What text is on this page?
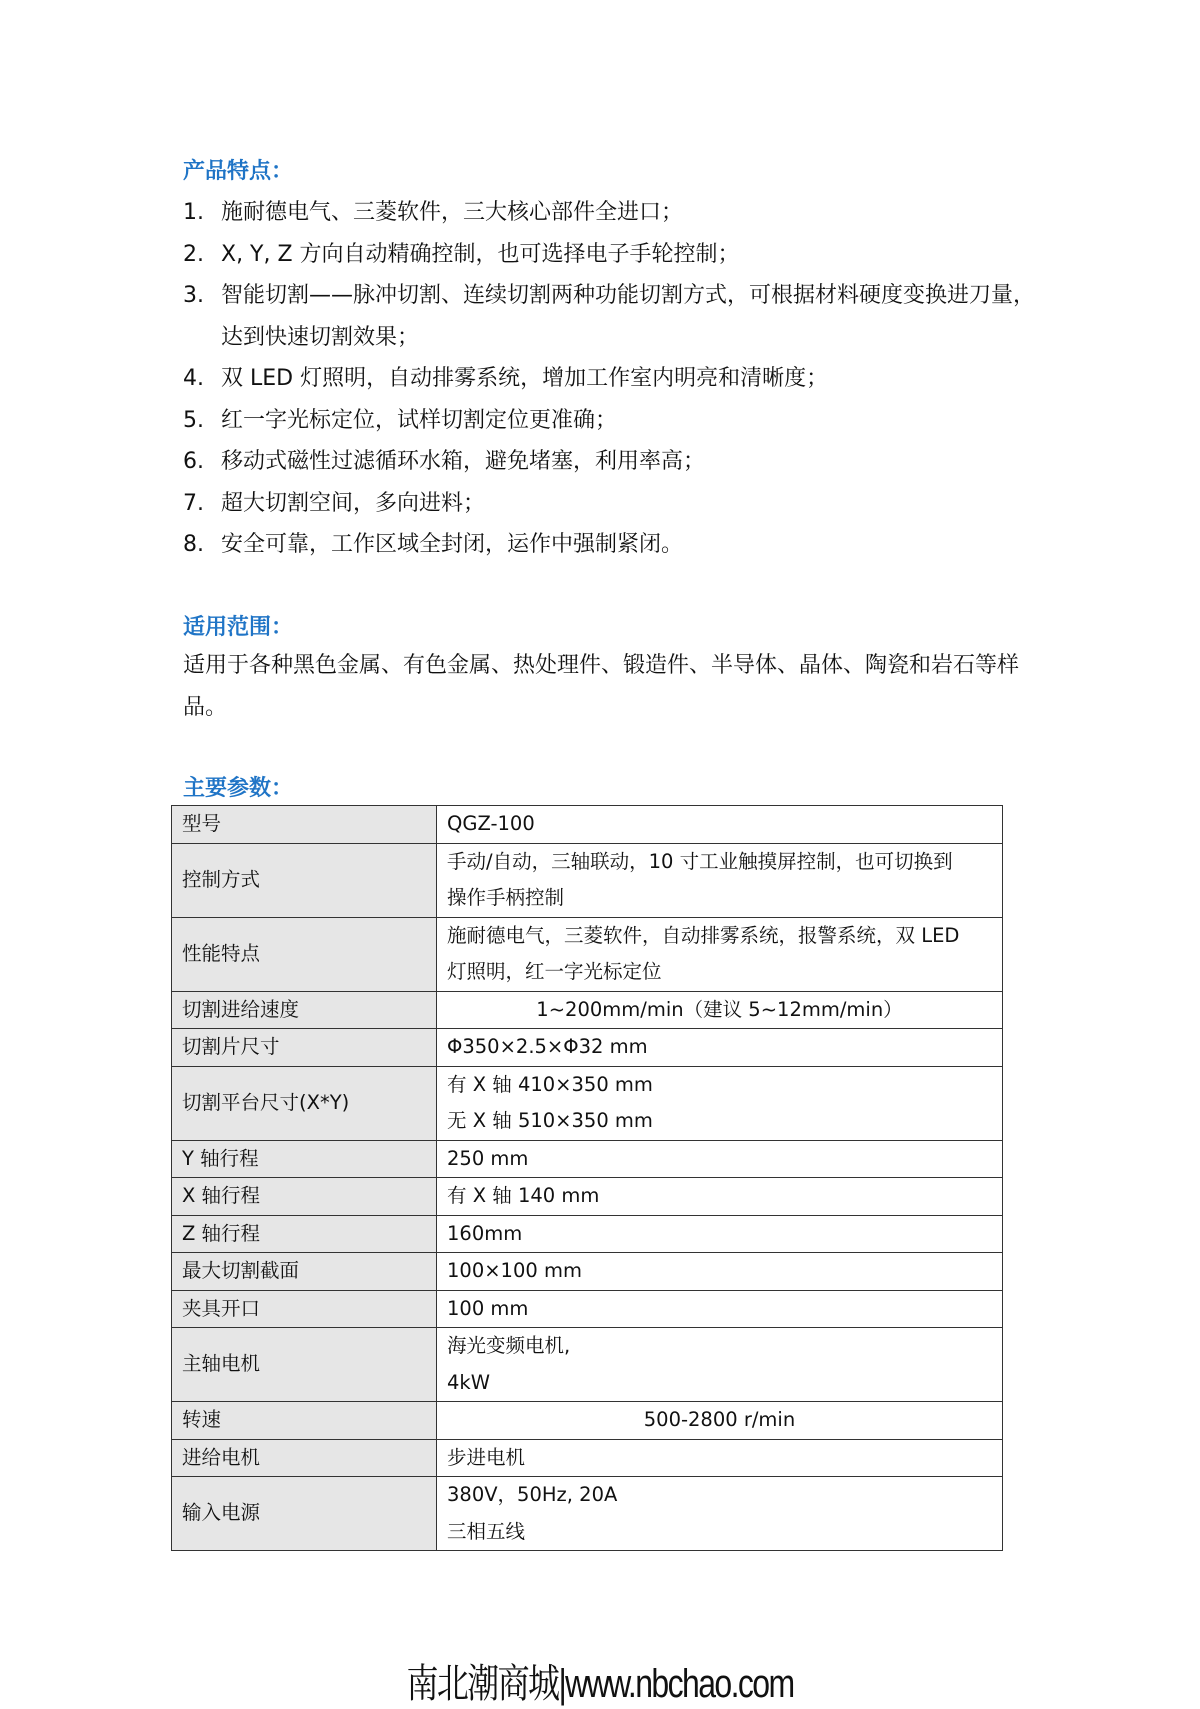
产品特点：
1. 施耐德电气、三菱软件，三大核心部件全进口；
2. X, Y, Z 方向自动精确控制，也可选择电子手轮控制；
3. 智能切割——脉冲切割、连续切割两种功能切割方式，可根据材料硬度变换进刀量，达到快速切割效果；
4. 双 LED 灯照明，自动排雾系统，增加工作室内明亮和清晰度；
5. 红一字光标定位，试样切割定位更准确；
6. 移动式磁性过滤循环水箱，避免堵塞，利用率高；
7. 超大切割空间，多向进料；
8. 安全可靠，工作区域全封闭，运作中强制紧闭。
适用范围：
适用于各种黑色金属、有色金属、热处理件、锻造件、半导体、晶体、陶瓷和岩石等样品。
主要参数：
型号	QGZ-100

控制方式	手动/自动，三轴联动，10 寸工业触摸屏控制，也可切换到
操作手柄控制

性能特点	施耐德电气，三菱软件，自动排雾系统，报警系统，双 LED
灯照明，红一字光标定位

切割进给速度	1~200mm/min（建议 5~12mm/min）

切割片尺寸	Φ350×2.5×Φ32 mm

切割平台尺寸(X*Y)	有 X 轴 410×350 mm
无 X 轴 510×350 mm

Y 轴行程	250 mm

X 轴行程	有 X 轴 140 mm

Z 轴行程	160mm

最大切割截面	100×100 mm

夹具开口	100 mm

主轴电机	海光变频电机,
4kW

转速	500-2800 r/min

进给电机	步进电机

输入电源	380V，50Hz, 20A
三相五线
南北潮商城|www.nbchao.com
